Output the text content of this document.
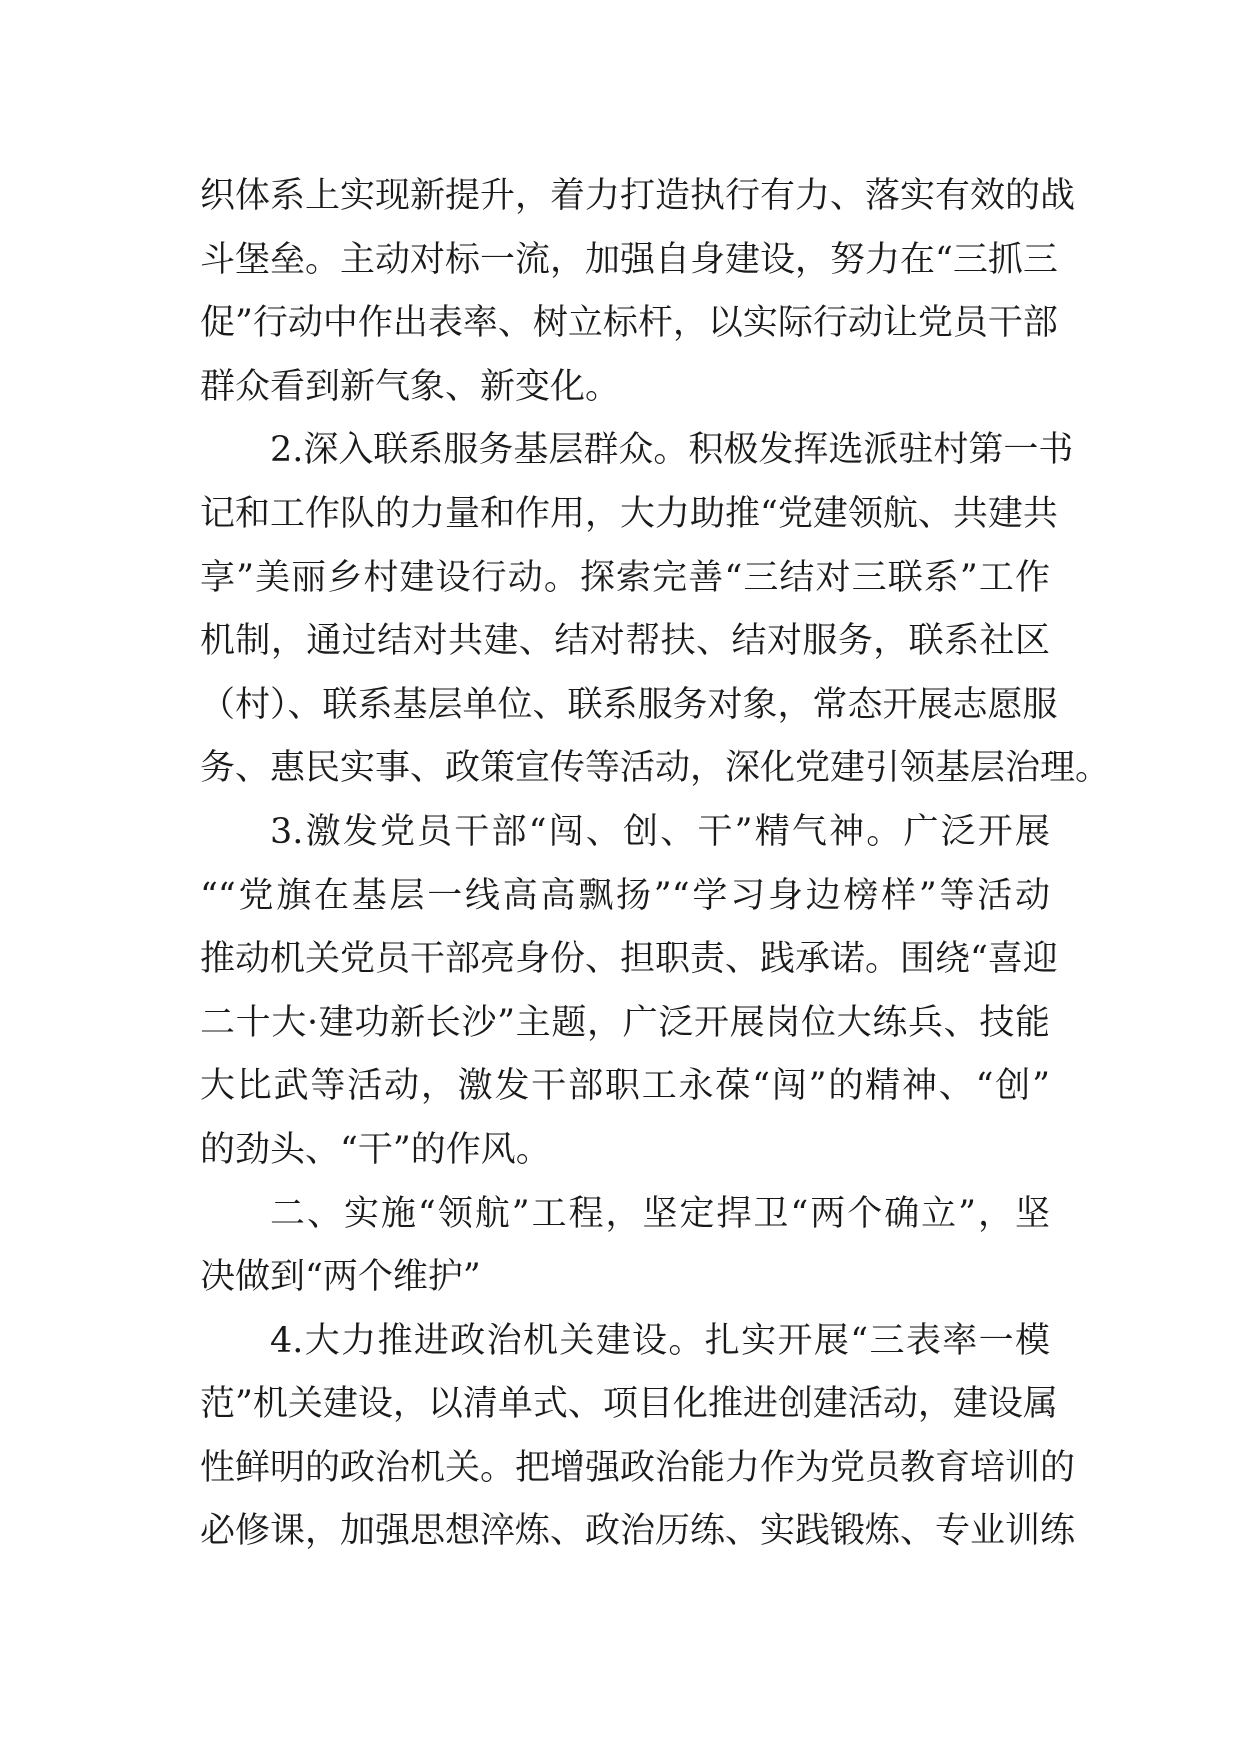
织体系上实现新提升，着力打造执行有力、落实有效的战
斗堡垒。主动对标一流，加强自身建设，努力在“三抓三
促”行动中作出表率、树立标杆，以实际行动让党员干部
群众看到新气象、新变化。
2.深入联系服务基层群众。积极发挥选派驻村第一书
记和工作队的力量和作用，大力助推“党建领航、共建共
享”美丽乡村建设行动。探索完善“三结对三联系”工作
机制，通过结对共建、结对帮扶、结对服务，联系社区
（村）、联系基层单位、联系服务对象，常态开展志愿服
务、惠民实事、政策宣传等活动，深化党建引领基层治理。
3.激发党员干部“闯、创、干”精气神。广泛开展
““党旗在基层一线高高飘扬”“学习身边榜样”等活动
推动机关党员干部亮身份、担职责、践承诺。围绕“喜迎
二十大·建功新长沙”主题，广泛开展岗位大练兵、技能
大比武等活动，激发干部职工永葆“闯”的精神、“创”
的劲头、“干”的作风。
二、实施“领航”工程，坚定捍卫“两个确立”，坚
决做到“两个维护”
4.大力推进政治机关建设。扎实开展“三表率一模
范”机关建设，以清单式、项目化推进创建活动，建设属
性鲜明的政治机关。把增强政治能力作为党员教育培训的
必修课，加强思想淬炼、政治历练、实践锻炼、专业训练
